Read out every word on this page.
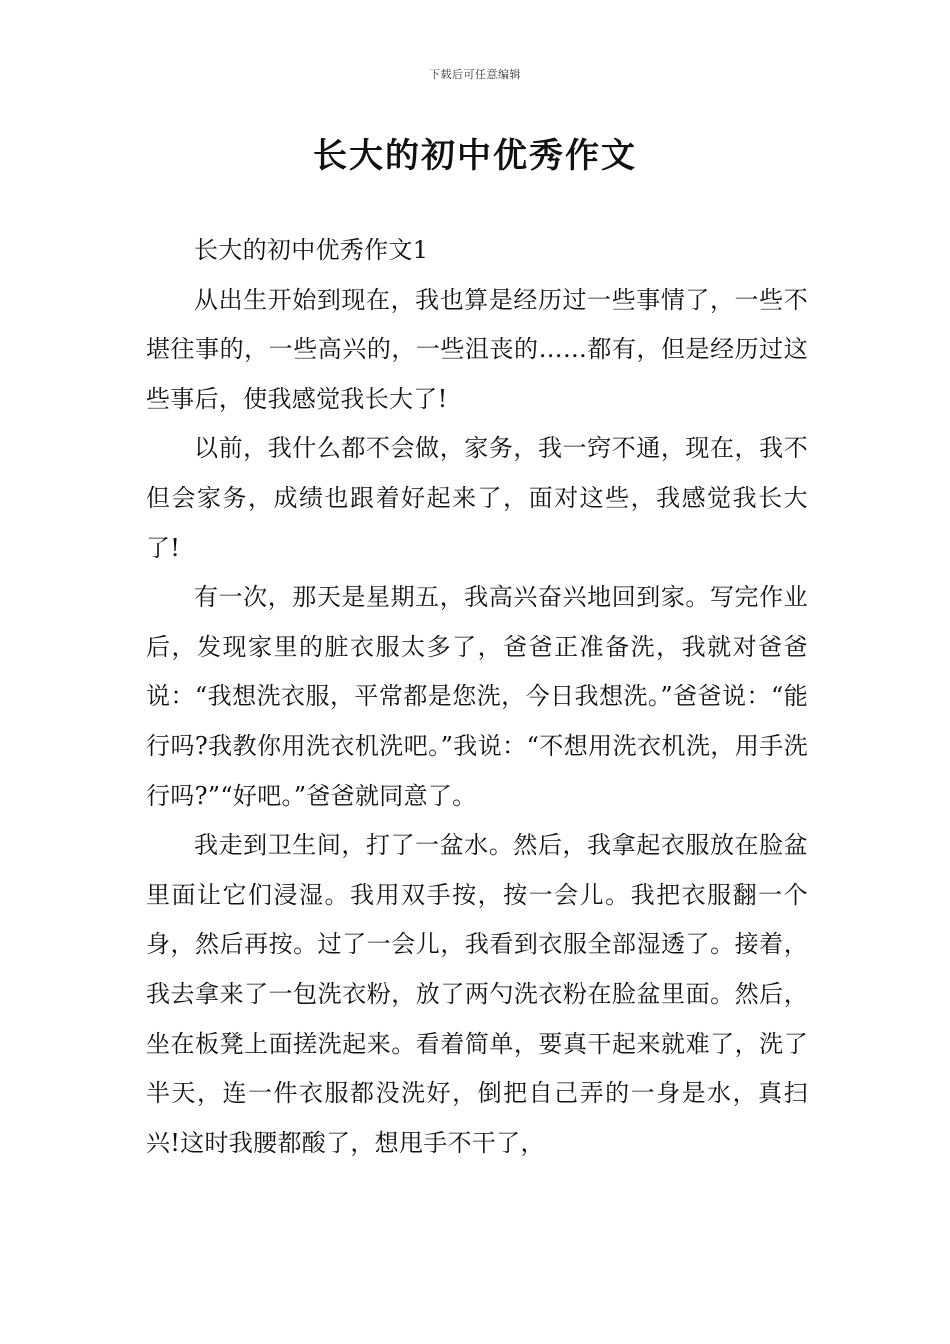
下载后可任意编辑
长大的初中优秀作文

长大的初中优秀作文1

从出生开始到现在，我也算是经历过一些事情了，一些不堪往事的，一些高兴的，一些沮丧的……都有，但是经历过这些事后，使我感觉我长大了!

以前，我什么都不会做，家务，我一窍不通，现在，我不但会家务，成绩也跟着好起来了，面对这些，我感觉我长大了!

有一次，那天是星期五，我高兴奋兴地回到家。写完作业后，发现家里的脏衣服太多了，爸爸正准备洗，我就对爸爸说：“我想洗衣服，平常都是您洗，今日我想洗。”爸爸说：“能行吗?我教你用洗衣机洗吧。”我说：“不想用洗衣机洗，用手洗行吗?”“好吧。”爸爸就同意了。

我走到卫生间，打了一盆水。然后，我拿起衣服放在脸盆里面让它们浸湿。我用双手按，按一会儿。我把衣服翻一个身，然后再按。过了一会儿，我看到衣服全部湿透了。接着，我去拿来了一包洗衣粉，放了两勺洗衣粉在脸盆里面。然后，坐在板凳上面搓洗起来。看着简单，要真干起来就难了，洗了半天，连一件衣服都没洗好，倒把自己弄的一身是水，真扫兴!这时我腰都酸了，想甩手不干了，
